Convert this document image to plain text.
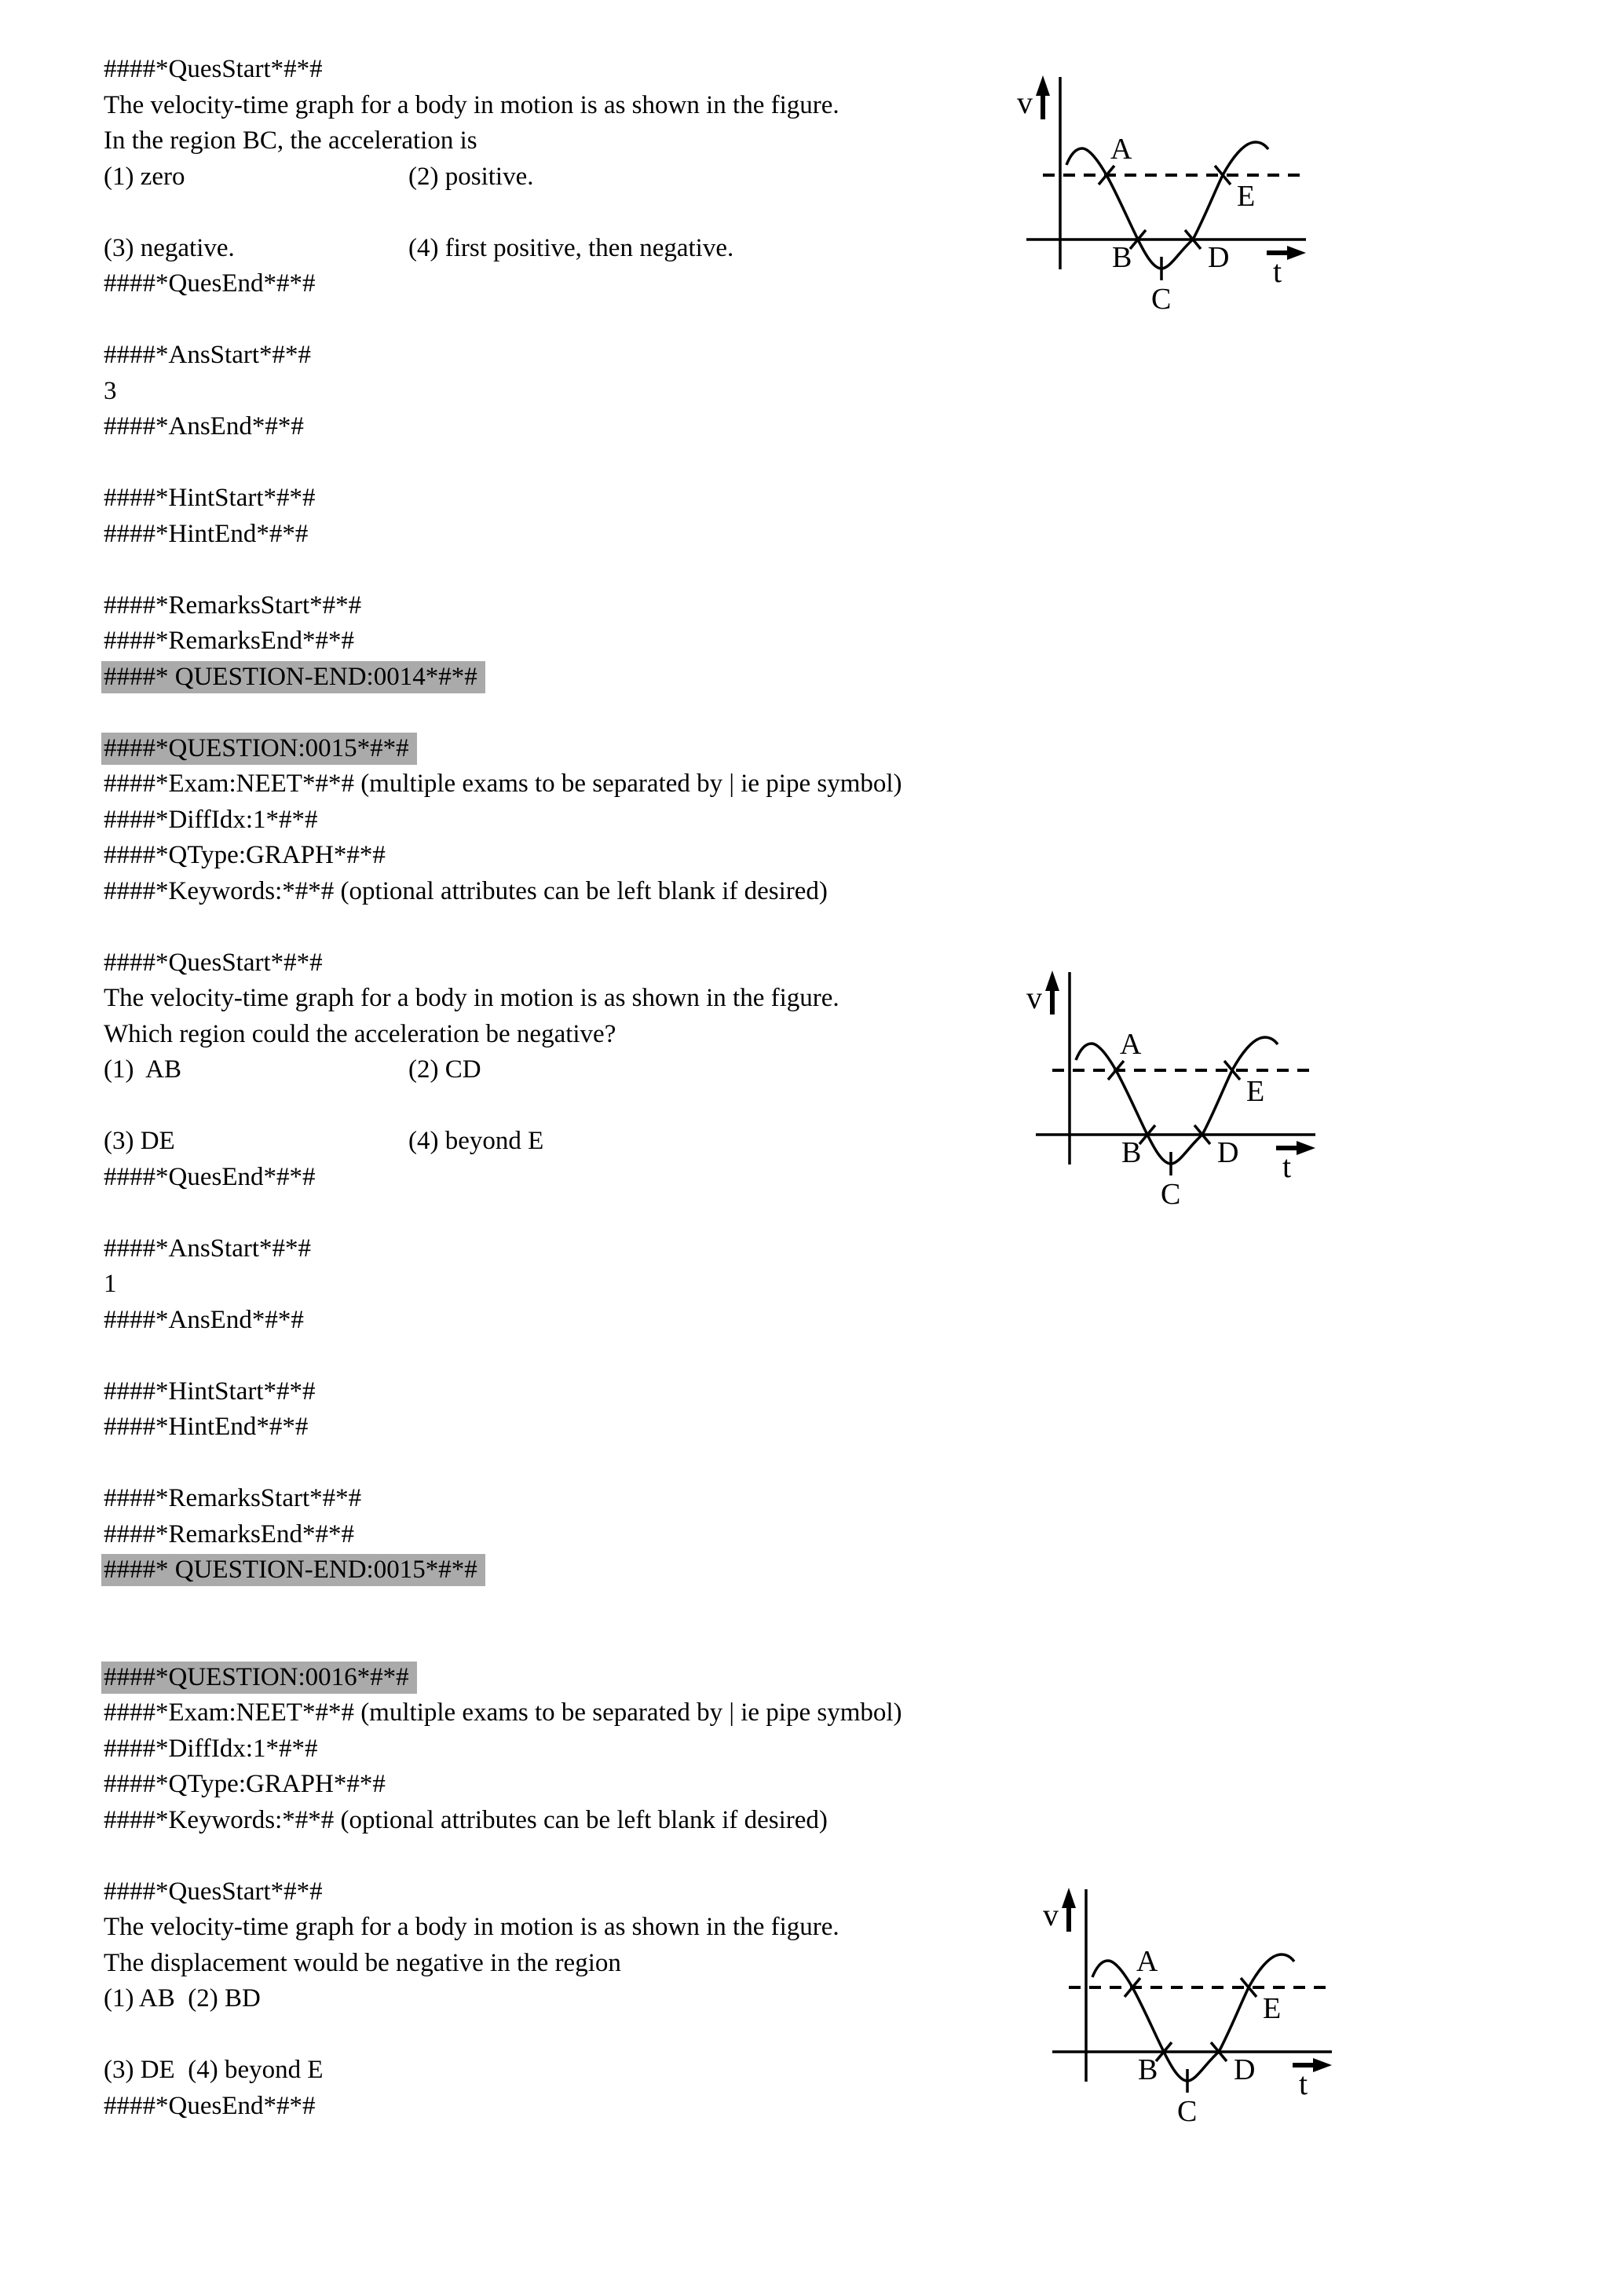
####*QuesStart*#*#
The velocity-time graph for a body in motion is as shown in the figure.
In the region BC, the acceleration is
(1) zero	(2) positive.
(3) negative.	(4) first positive, then negative.
####*QuesEnd*#*#
####*AnsStart*#*#
3
####*AnsEnd*#*#
####*HintStart*#*#
####*HintEnd*#*#
####*RemarksStart*#*#
####*RemarksEnd*#*#
####* QUESTION-END:0014*#*#
####*QUESTION:0015*#*#
####*Exam:NEET*#*# (multiple exams to be separated by | ie pipe symbol)
####*DiffIdx:1*#*#
####*QType:GRAPH*#*#
####*Keywords:*#*# (optional attributes can be left blank if desired)
####*QuesStart*#*#
The velocity-time graph for a body in motion is as shown in the figure.
Which region could the acceleration be negative?
(1)  AB	(2) CD
(3) DE	(4) beyond E
####*QuesEnd*#*#
####*AnsStart*#*#
1
####*AnsEnd*#*#
####*HintStart*#*#
####*HintEnd*#*#
####*RemarksStart*#*#
####*RemarksEnd*#*#
####* QUESTION-END:0015*#*#
####*QUESTION:0016*#*#
####*Exam:NEET*#*# (multiple exams to be separated by | ie pipe symbol)
####*DiffIdx:1*#*#
####*QType:GRAPH*#*#
####*Keywords:*#*# (optional attributes can be left blank if desired)
####*QuesStart*#*#
The velocity-time graph for a body in motion is as shown in the figure.
The displacement would be negative in the region
(1) AB  (2) BD
(3) DE  (4) beyond E
####*QuesEnd*#*#
v
t
A
B
C
D
E
v
t
A
B
C
D
E
v
t
A
B
C
D
E
